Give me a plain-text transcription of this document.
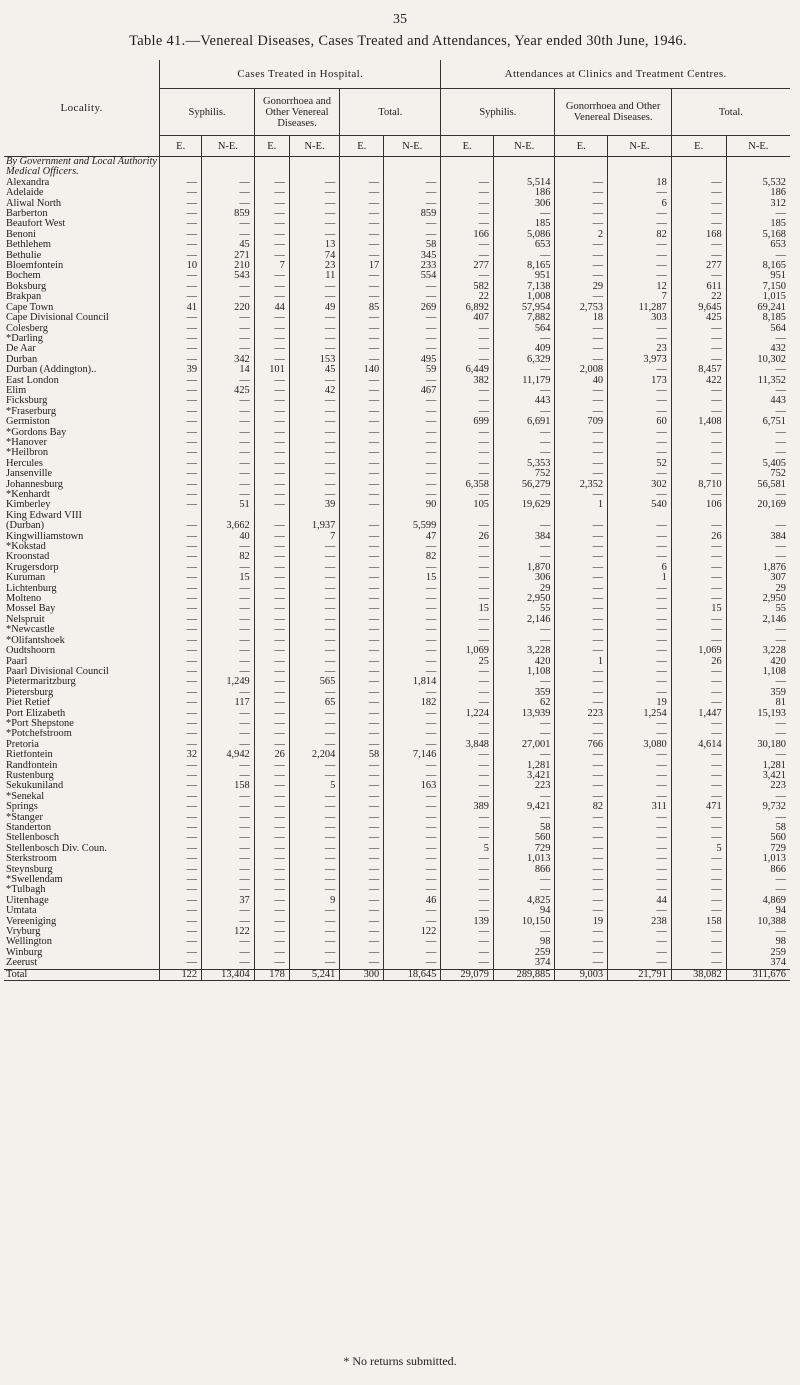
35
Table 41.—Venereal Diseases, Cases Treated and Attendances, Year ended 30th June, 1946.
Locality.	Cases Treated in Hospital.						Attendances at Clinics and Treatment Centres.					
	Syphilis.		Gonorrhoea and Other Venereal Diseases.		Total.		Syphilis.		Gonorrhoea and Other Venereal Diseases.		Total.	
	E.	N-E.	E.	N-E.	E.	N-E.	E.	N-E.	E.	N-E.	E.	N-E.
By Government and Local Authority Medical Officers.												
Alexandra	—	—	—	—	—	—	—	5,514	—	18	—	5,532
Adelaide	—	—	—	—	—	—	—	186	—	—	—	186
Aliwal North	—	—	—	—	—	—	—	306	—	6	—	312
Barberton	—	859	—	—	—	859	—	—	—	—	—	—
Beaufort West	—	—	—	—	—	—	—	185	—	—	—	185
Benoni	—	—	—	—	—	—	166	5,086	2	82	168	5,168
Bethlehem	—	45	—	13	—	58	—	653	—	—	—	653
Bethulie	—	271	—	74	—	345	—	—	—	—	—	—
Bloemfontein	10	210	7	23	17	233	277	8,165	—	—	277	8,165
Bochem	—	543	—	11	—	554	—	951	—	—	—	951
Boksburg	—	—	—	—	—	—	582	7,138	29	12	611	7,150
Brakpan	—	—	—	—	—	—	22	1,008	—	7	22	1,015
Cape Town	41	220	44	49	85	269	6,892	57,954	2,753	11,287	9,645	69,241
Cape Divisional Council	—	—	—	—	—	—	407	7,882	18	303	425	8,185
Colesberg	—	—	—	—	—	—	—	564	—	—	—	564
*Darling	—	—	—	—	—	—	—	—	—	—	—	—
De Aar	—	—	—	—	—	—	—	409	—	23	—	432
Durban	—	342	—	153	—	495	—	6,329	—	3,973	—	10,302
Durban (Addington)..	39	14	101	45	140	59	6,449	—	2,008	—	8,457	—
East London	—	—	—	—	—	—	382	11,179	40	173	422	11,352
Elim	—	425	—	42	—	467	—	—	—	—	—	—
Ficksburg	—	—	—	—	—	—	—	443	—	—	—	443
*Fraserburg	—	—	—	—	—	—	—	—	—	—	—	—
Germiston	—	—	—	—	—	—	699	6,691	709	60	1,408	6,751
*Gordons Bay	—	—	—	—	—	—	—	—	—	—	—	—
*Hanover	—	—	—	—	—	—	—	—	—	—	—	—
*Heilbron	—	—	—	—	—	—	—	—	—	—	—	—
Hercules	—	—	—	—	—	—	—	5,353	—	52	—	5,405
Jansenville	—	—	—	—	—	—	—	752	—	—	—	752
Johannesburg	—	—	—	—	—	—	6,358	56,279	2,352	302	8,710	56,581
*Kenhardt	—	—	—	—	—	—	—	—	—	—	—	—
Kimberley	—	51	—	39	—	90	105	19,629	1	540	106	20,169
King Edward VIII												
(Durban)	—	3,662	—	1,937	—	5,599	—	—	—	—	—	—
Kingwilliamstown	—	40	—	7	—	47	26	384	—	—	26	384
*Kokstad	—	—	—	—	—	—	—	—	—	—	—	—
Kroonstad	—	82	—	—	—	82	—	—	—	—	—	—
Krugersdorp	—	—	—	—	—	—	—	1,870	—	6	—	1,876
Kuruman	—	15	—	—	—	15	—	306	—	1	—	307
Lichtenburg	—	—	—	—	—	—	—	29	—	—	—	29
Molteno	—	—	—	—	—	—	—	2,950	—	—	—	2,950
Mossel Bay	—	—	—	—	—	—	15	55	—	—	15	55
Nelspruit	—	—	—	—	—	—	—	2,146	—	—	—	2,146
*Newcastle	—	—	—	—	—	—	—	—	—	—	—	—
*Olifantshoek	—	—	—	—	—	—	—	—	—	—	—	—
Oudtshoorn	—	—	—	—	—	—	1,069	3,228	—	—	1,069	3,228
Paarl	—	—	—	—	—	—	25	420	1	—	26	420
Paarl Divisional Council	—	—	—	—	—	—	—	1,108	—	—	—	1,108
Pietermaritzburg	—	1,249	—	565	—	1,814	—	—	—	—	—	—
Pietersburg	—	—	—	—	—	—	—	359	—	—	—	359
Piet Retief	—	117	—	65	—	182	—	62	—	19	—	81
Port Elizabeth	—	—	—	—	—	—	1,224	13,939	223	1,254	1,447	15,193
*Port Shepstone	—	—	—	—	—	—	—	—	—	—	—	—
*Potchefstroom	—	—	—	—	—	—	—	—	—	—	—	—
Pretoria	—	—	—	—	—	—	3,848	27,001	766	3,080	4,614	30,180
Rietfontein	32	4,942	26	2,204	58	7,146	—	—	—	—	—	—
Randfontein	—	—	—	—	—	—	—	1,281	—	—	—	1,281
Rustenburg	—	—	—	—	—	—	—	3,421	—	—	—	3,421
Sekukuniland	—	158	—	5	—	163	—	223	—	—	—	223
*Senekal	—	—	—	—	—	—	—	—	—	—	—	—
Springs	—	—	—	—	—	—	389	9,421	82	311	471	9,732
*Stanger	—	—	—	—	—	—	—	—	—	—	—	—
Standerton	—	—	—	—	—	—	—	58	—	—	—	58
Stellenbosch	—	—	—	—	—	—	—	560	—	—	—	560
Stellenbosch Div. Coun.	—	—	—	—	—	—	5	729	—	—	5	729
Sterkstroom	—	—	—	—	—	—	—	1,013	—	—	—	1,013
Steynsburg	—	—	—	—	—	—	—	866	—	—	—	866
*Swellendam	—	—	—	—	—	—	—	—	—	—	—	—
*Tulbagh	—	—	—	—	—	—	—	—	—	—	—	—
Uitenhage	—	37	—	9	—	46	—	4,825	—	44	—	4,869
Umtata	—	—	—	—	—	—	—	94	—	—	—	94
Vereeniging	—	—	—	—	—	—	139	10,150	19	238	158	10,388
Vryburg	—	122	—	—	—	122	—	—	—	—	—	—
Wellington	—	—	—	—	—	—	—	98	—	—	—	98
Winburg	—	—	—	—	—	—	—	259	—	—	—	259
Zeerust	—	—	—	—	—	—	—	374	—	—	—	374
Total	122	13,404	178	5,241	300	18,645	29,079	289,885	9,003	21,791	38,082	311,676
* No returns submitted.
